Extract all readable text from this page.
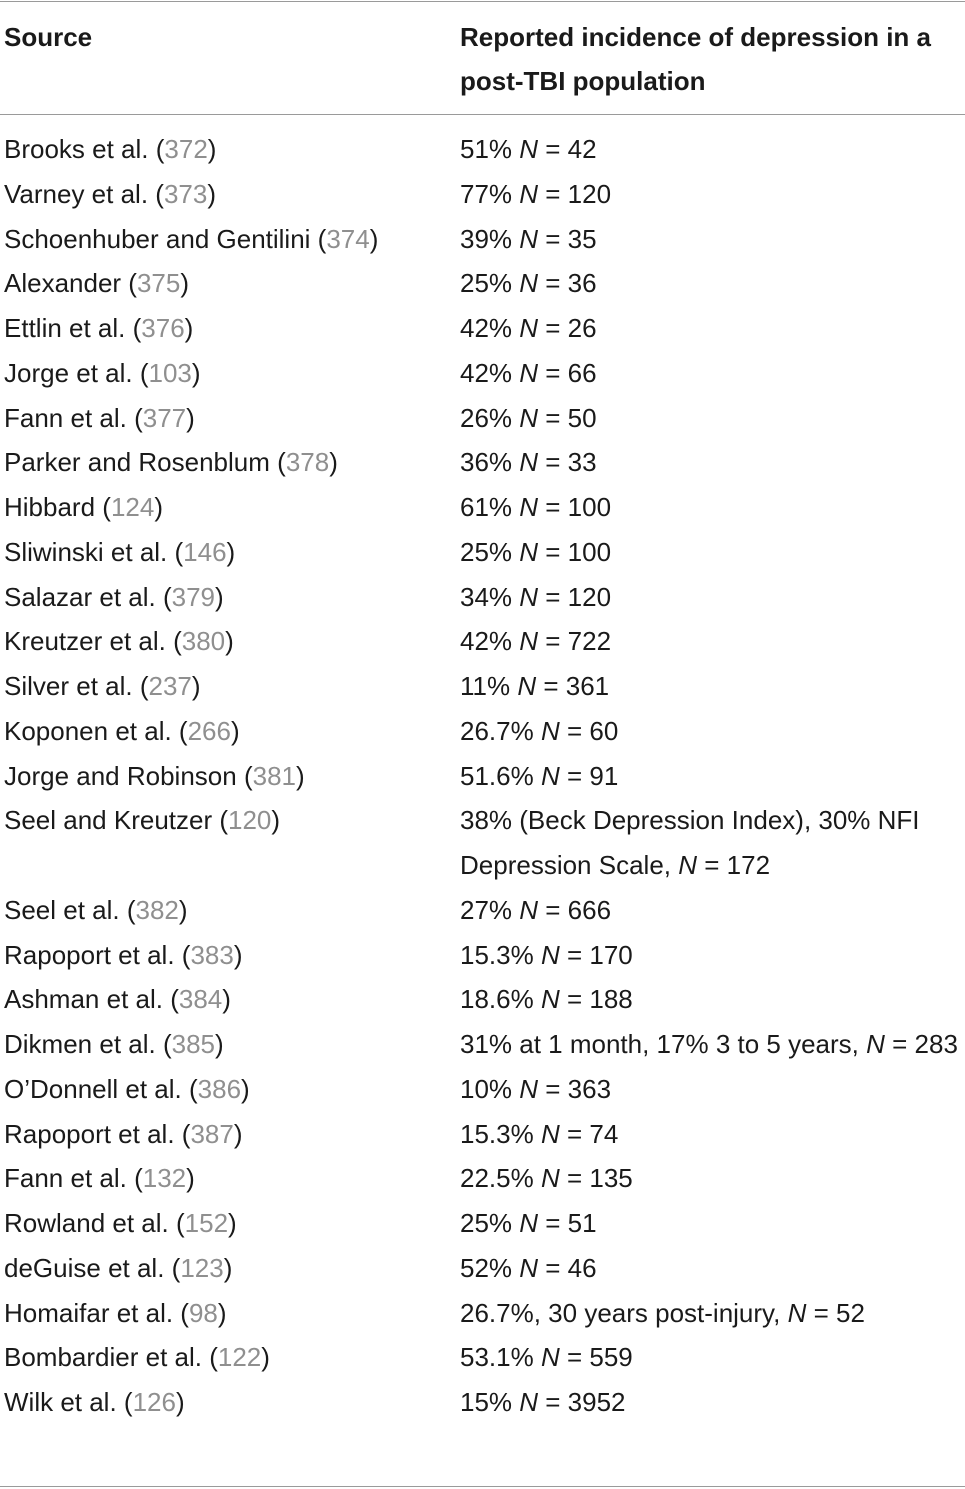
Source	Reported incidence of depression in a post-TBI population
Brooks et al. (372)	51% N = 42
Varney et al. (373)	77% N = 120
Schoenhuber and Gentilini (374)	39% N = 35
Alexander (375)	25% N = 36
Ettlin et al. (376)	42% N = 26
Jorge et al. (103)	42% N = 66
Fann et al. (377)	26% N = 50
Parker and Rosenblum (378)	36% N = 33
Hibbard (124)	61% N = 100
Sliwinski et al. (146)	25% N = 100
Salazar et al. (379)	34% N = 120
Kreutzer et al. (380)	42% N = 722
Silver et al. (237)	11% N = 361
Koponen et al. (266)	26.7% N = 60
Jorge and Robinson (381)	51.6% N = 91
Seel and Kreutzer (120)	38% (Beck Depression Index), 30% NFI Depression Scale, N = 172
Seel et al. (382)	27% N = 666
Rapoport et al. (383)	15.3% N = 170
Ashman et al. (384)	18.6% N = 188
Dikmen et al. (385)	31% at 1 month, 17% 3 to 5 years, N = 283
O’Donnell et al. (386)	10% N = 363
Rapoport et al. (387)	15.3% N = 74
Fann et al. (132)	22.5% N = 135
Rowland et al. (152)	25% N = 51
deGuise et al. (123)	52% N = 46
Homaifar et al. (98)	26.7%, 30 years post-injury, N = 52
Bombardier et al. (122)	53.1% N = 559
Wilk et al. (126)	15% N = 3952
